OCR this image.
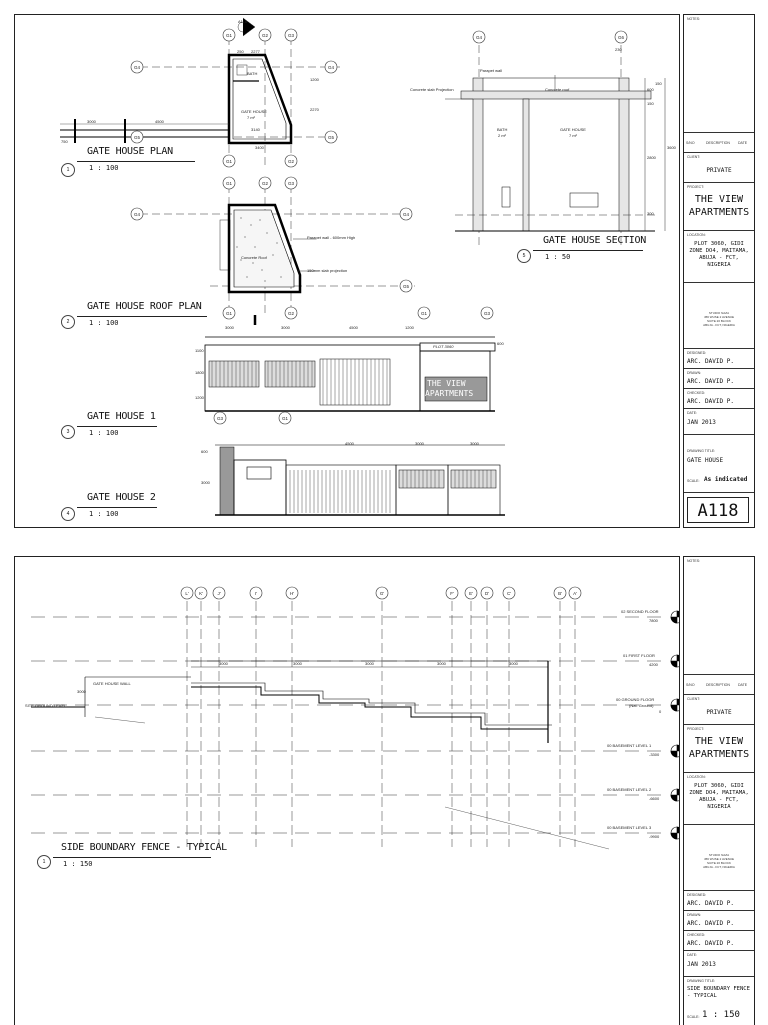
G1	G2	G3
G4	G4
G5
G5
G1	G2
G1	G2	G3
G4	G4
G5
G1	G2
G4	G6
G1	G3
G3	G1
A118
2277
250
BATH
GATE HOUSE
7 m²
3140
3400
2270
1200
3000	4500
750
Parapet wall - 600mm High
150mm slab projection
Concrete Roof
Parapet wall
Concrete slab Projection	Concrete roof
BATH
2 m²
GATE HOUSE
7 m²
3600
2800
300
150
600
150
230
3000	3000	4500	1200
1100
1800
1200
600
PLOT 3060
THE VIEW
APARTMENTS
4500	3000	3000
3000
600
1
GATE HOUSE PLAN
1 : 100
2
GATE HOUSE ROOF PLAN
1 : 100
3
GATE HOUSE 1
1 : 100
4
GATE HOUSE 2
1 : 100
5
GATE HOUSE SECTION
1 : 50
NOTES:
S/NO	DESCRIPTION DATE
CLIENT:
PRIVATE
PROJECT:
THE VIEW APARTMENTS
LOCATION:
PLOT 3060, GIDI ZONE DO4, MAITAMA, ABUJA - FCT, NIGERIA
STUDIO NAZA
456 WUSE 2 AVENUE
SUITE 20 BLOCK
ABUJA - FCT, NIGERIA
DESIGNED:
ARC. DAVID P.
DRAWN:
ARC. DAVID P.
CHECKED:
ARC. DAVID P.
DATE:
JAN 2013
DRAWING TITLE:
GATE HOUSE
SCALE: As indicated
A118
L' K'	J'	I'	H'	G'	F'	E'	D'	C'	B' A'
02 SECOND FLOOR
7800
01 FIRST FLOOR
4200
00 GROUND FLOOR
(Nat. Ground)
0
00 BASEMENT LEVEL 1
-3300
00 BASEMENT LEVEL 2
-6600
00 BASEMENT LEVEL 3
-9900
SITE GROUND LEVEL
GATE HOUSE WALL
3000
3000	3000	3000	3000	3000
1
SIDE BOUNDARY FENCE - TYPICAL
1 : 150
NOTES:
S/NO	DESCRIPTION DATE
CLIENT:
PRIVATE
PROJECT:
THE VIEW APARTMENTS
LOCATION:
PLOT 3060, GIDI ZONE DO4, MAITAMA, ABUJA - FCT, NIGERIA
STUDIO NAZA
456 WUSE 2 AVENUE
SUITE 20 BLOCK
ABUJA - FCT, NIGERIA
DESIGNED:
ARC. DAVID P.
DRAWN:
ARC. DAVID P.
CHECKED:
ARC. DAVID P.
DATE:
JAN 2013
DRAWING TITLE:
SIDE BOUNDARY FENCE - TYPICAL
SCALE: 1 : 150
